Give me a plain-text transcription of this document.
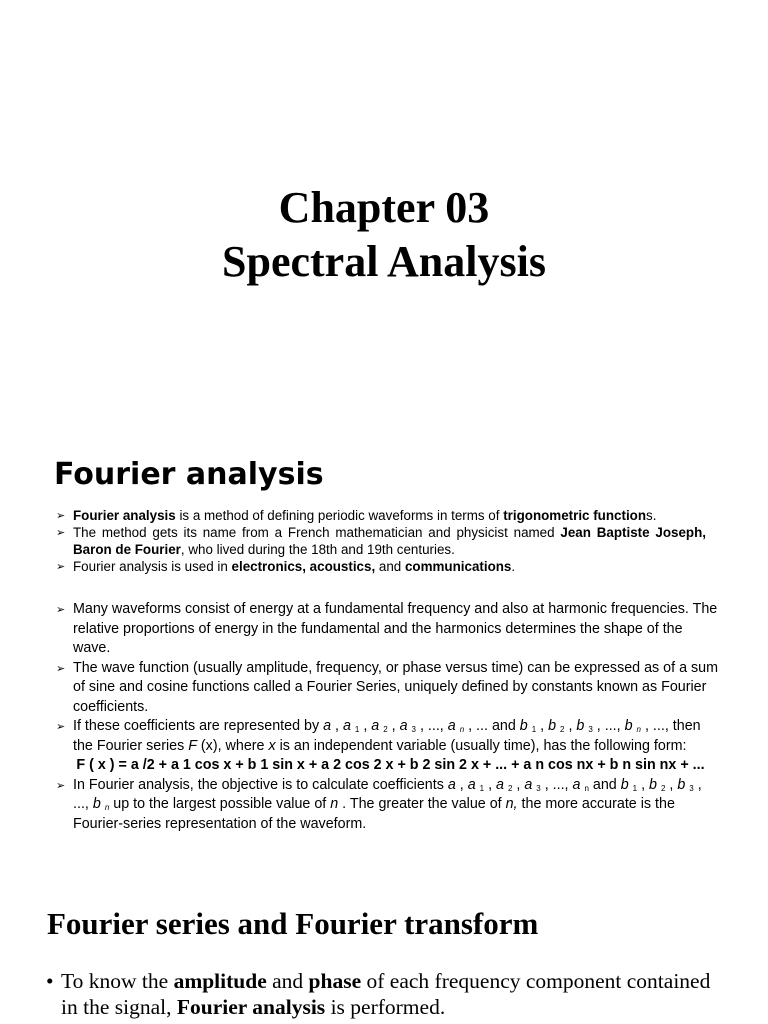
Chapter 03
Spectral Analysis
Fourier analysis
➢ Fourier analysis is a method of defining periodic waveforms in terms of trigonometric functions.
➢ The method gets its name from a French mathematician and physicist named Jean Baptiste Joseph, Baron de Fourier, who lived during the 18th and 19th centuries.
➢ Fourier analysis is used in electronics, acoustics, and communications.
➢ Many waveforms consist of energy at a fundamental frequency and also at harmonic frequencies. The relative proportions of energy in the fundamental and the harmonics determines the shape of the wave.
➢ The wave function (usually amplitude, frequency, or phase versus time) can be expressed as of a sum of sine and cosine functions called a Fourier Series, uniquely defined by constants known as Fourier coefficients.
➢ If these coefficients are represented by a , a $_1$ , a $_2$ , a $_3$ , ..., a $_n$ , ... and b $_1$ , b $_2$ , b $_3$ , ..., b $_n$ , ..., then the Fourier series F (x), where x is an independent variable (usually time), has the following form:
F ( x ) = a /2 + a 1 cos x + b 1 sin x + a 2 cos 2 x + b 2 sin 2 x + ... + a n cos nx + b n sin nx + ...
➢ In Fourier analysis, the objective is to calculate coefficients a , a $_1$ , a $_2$ , a $_3$ , ..., a $_n$ and b $_1$ , b $_2$ , b $_3$ , ..., b $_n$ up to the largest possible value of n . The greater the value of n, the more accurate is the Fourier-series representation of the waveform.
Fourier series and Fourier transform
• To know the amplitude and phase of each frequency component contained in the signal, Fourier analysis is performed.
